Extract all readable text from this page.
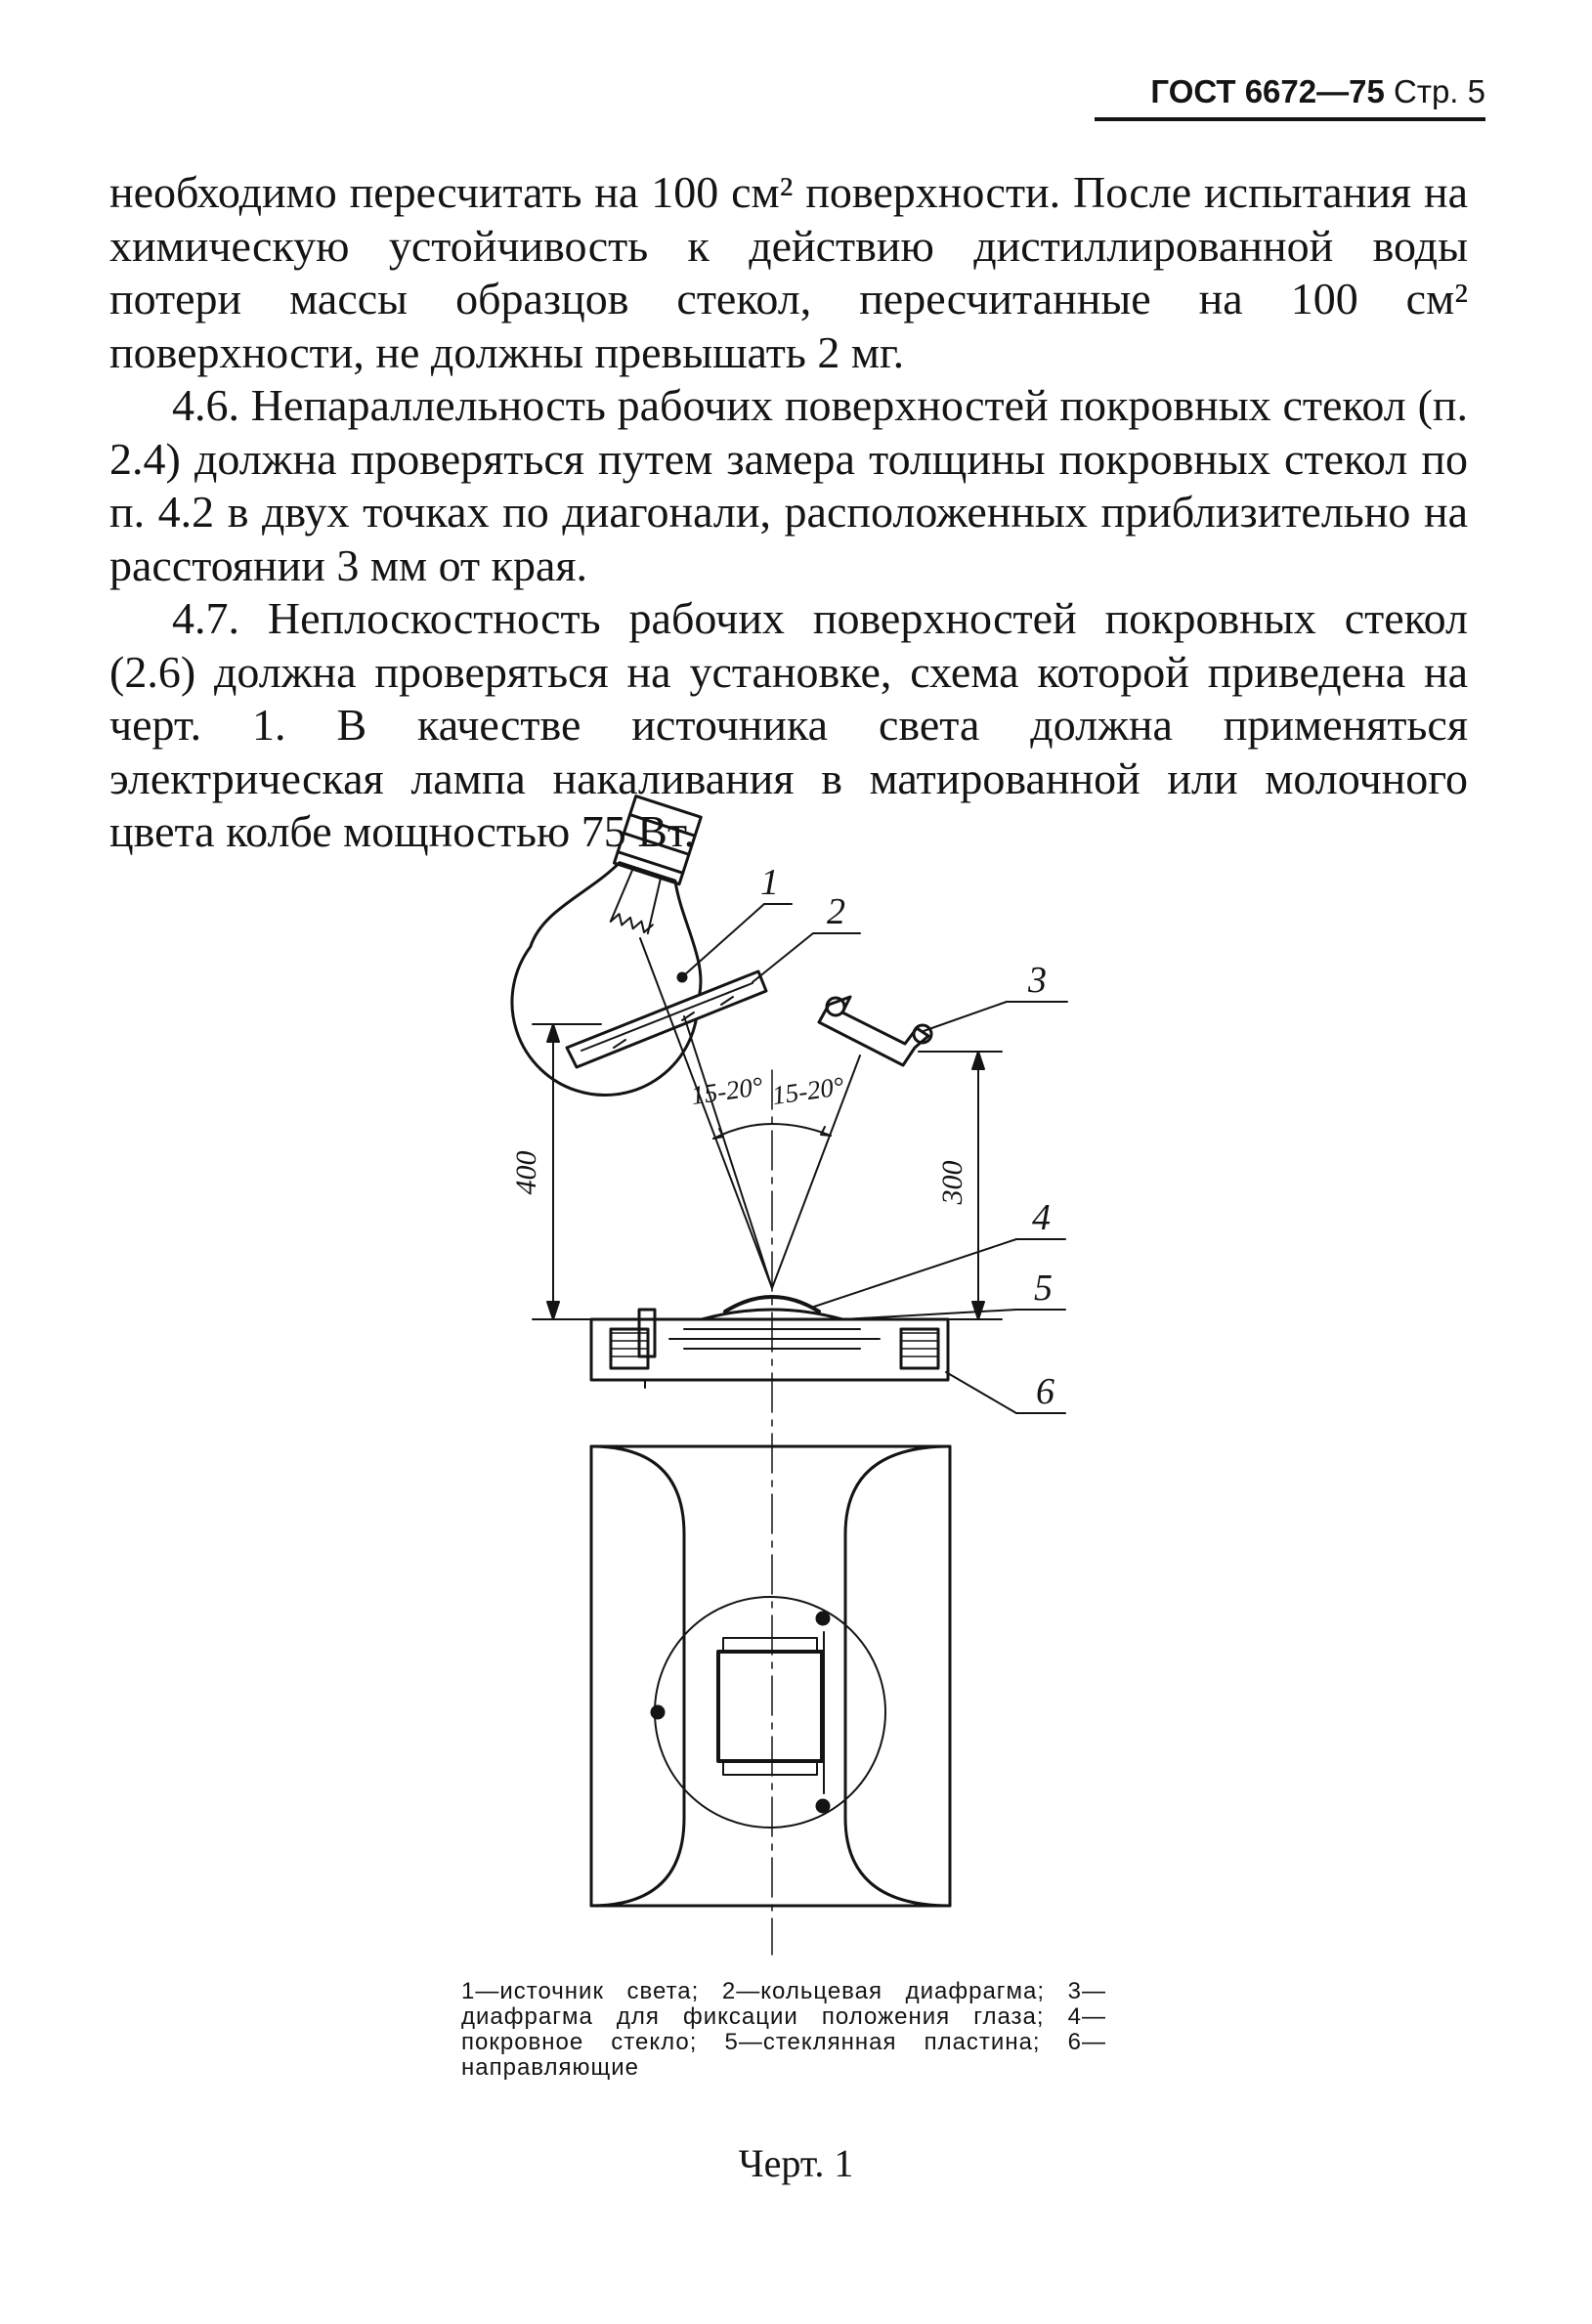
ГОСТ 6672—75 Стр. 5

необходимо пересчитать на 100 см² поверхности. После испытания на химическую устойчивость к действию дистиллированной воды потери массы образцов стекол, пересчитанные на 100 см² поверхности, не должны превышать 2 мг.

4.6. Непараллельность рабочих поверхностей покровных стекол (п. 2.4) должна проверяться путем замера толщины покровных стекол по п. 4.2 в двух точках по диагонали, расположенных приблизительно на расстоянии 3 мм от края.

4.7. Неплоскостность рабочих поверхностей покровных стекол (2.6) должна проверяться на установке, схема которой приведена на черт. 1. В качестве источника света должна применяться электрическая лампа накаливания в матированной или молочного цвета колбе мощностью 75 Вт.

1
2
3
4
5
6
400	300
15-20° 15-20°
1—источник света; 2—кольцевая диафрагма; 3—диафрагма для фиксации положения глаза; 4—покровное стекло; 5—стеклянная пластина; 6—направляющие
Черт. 1
